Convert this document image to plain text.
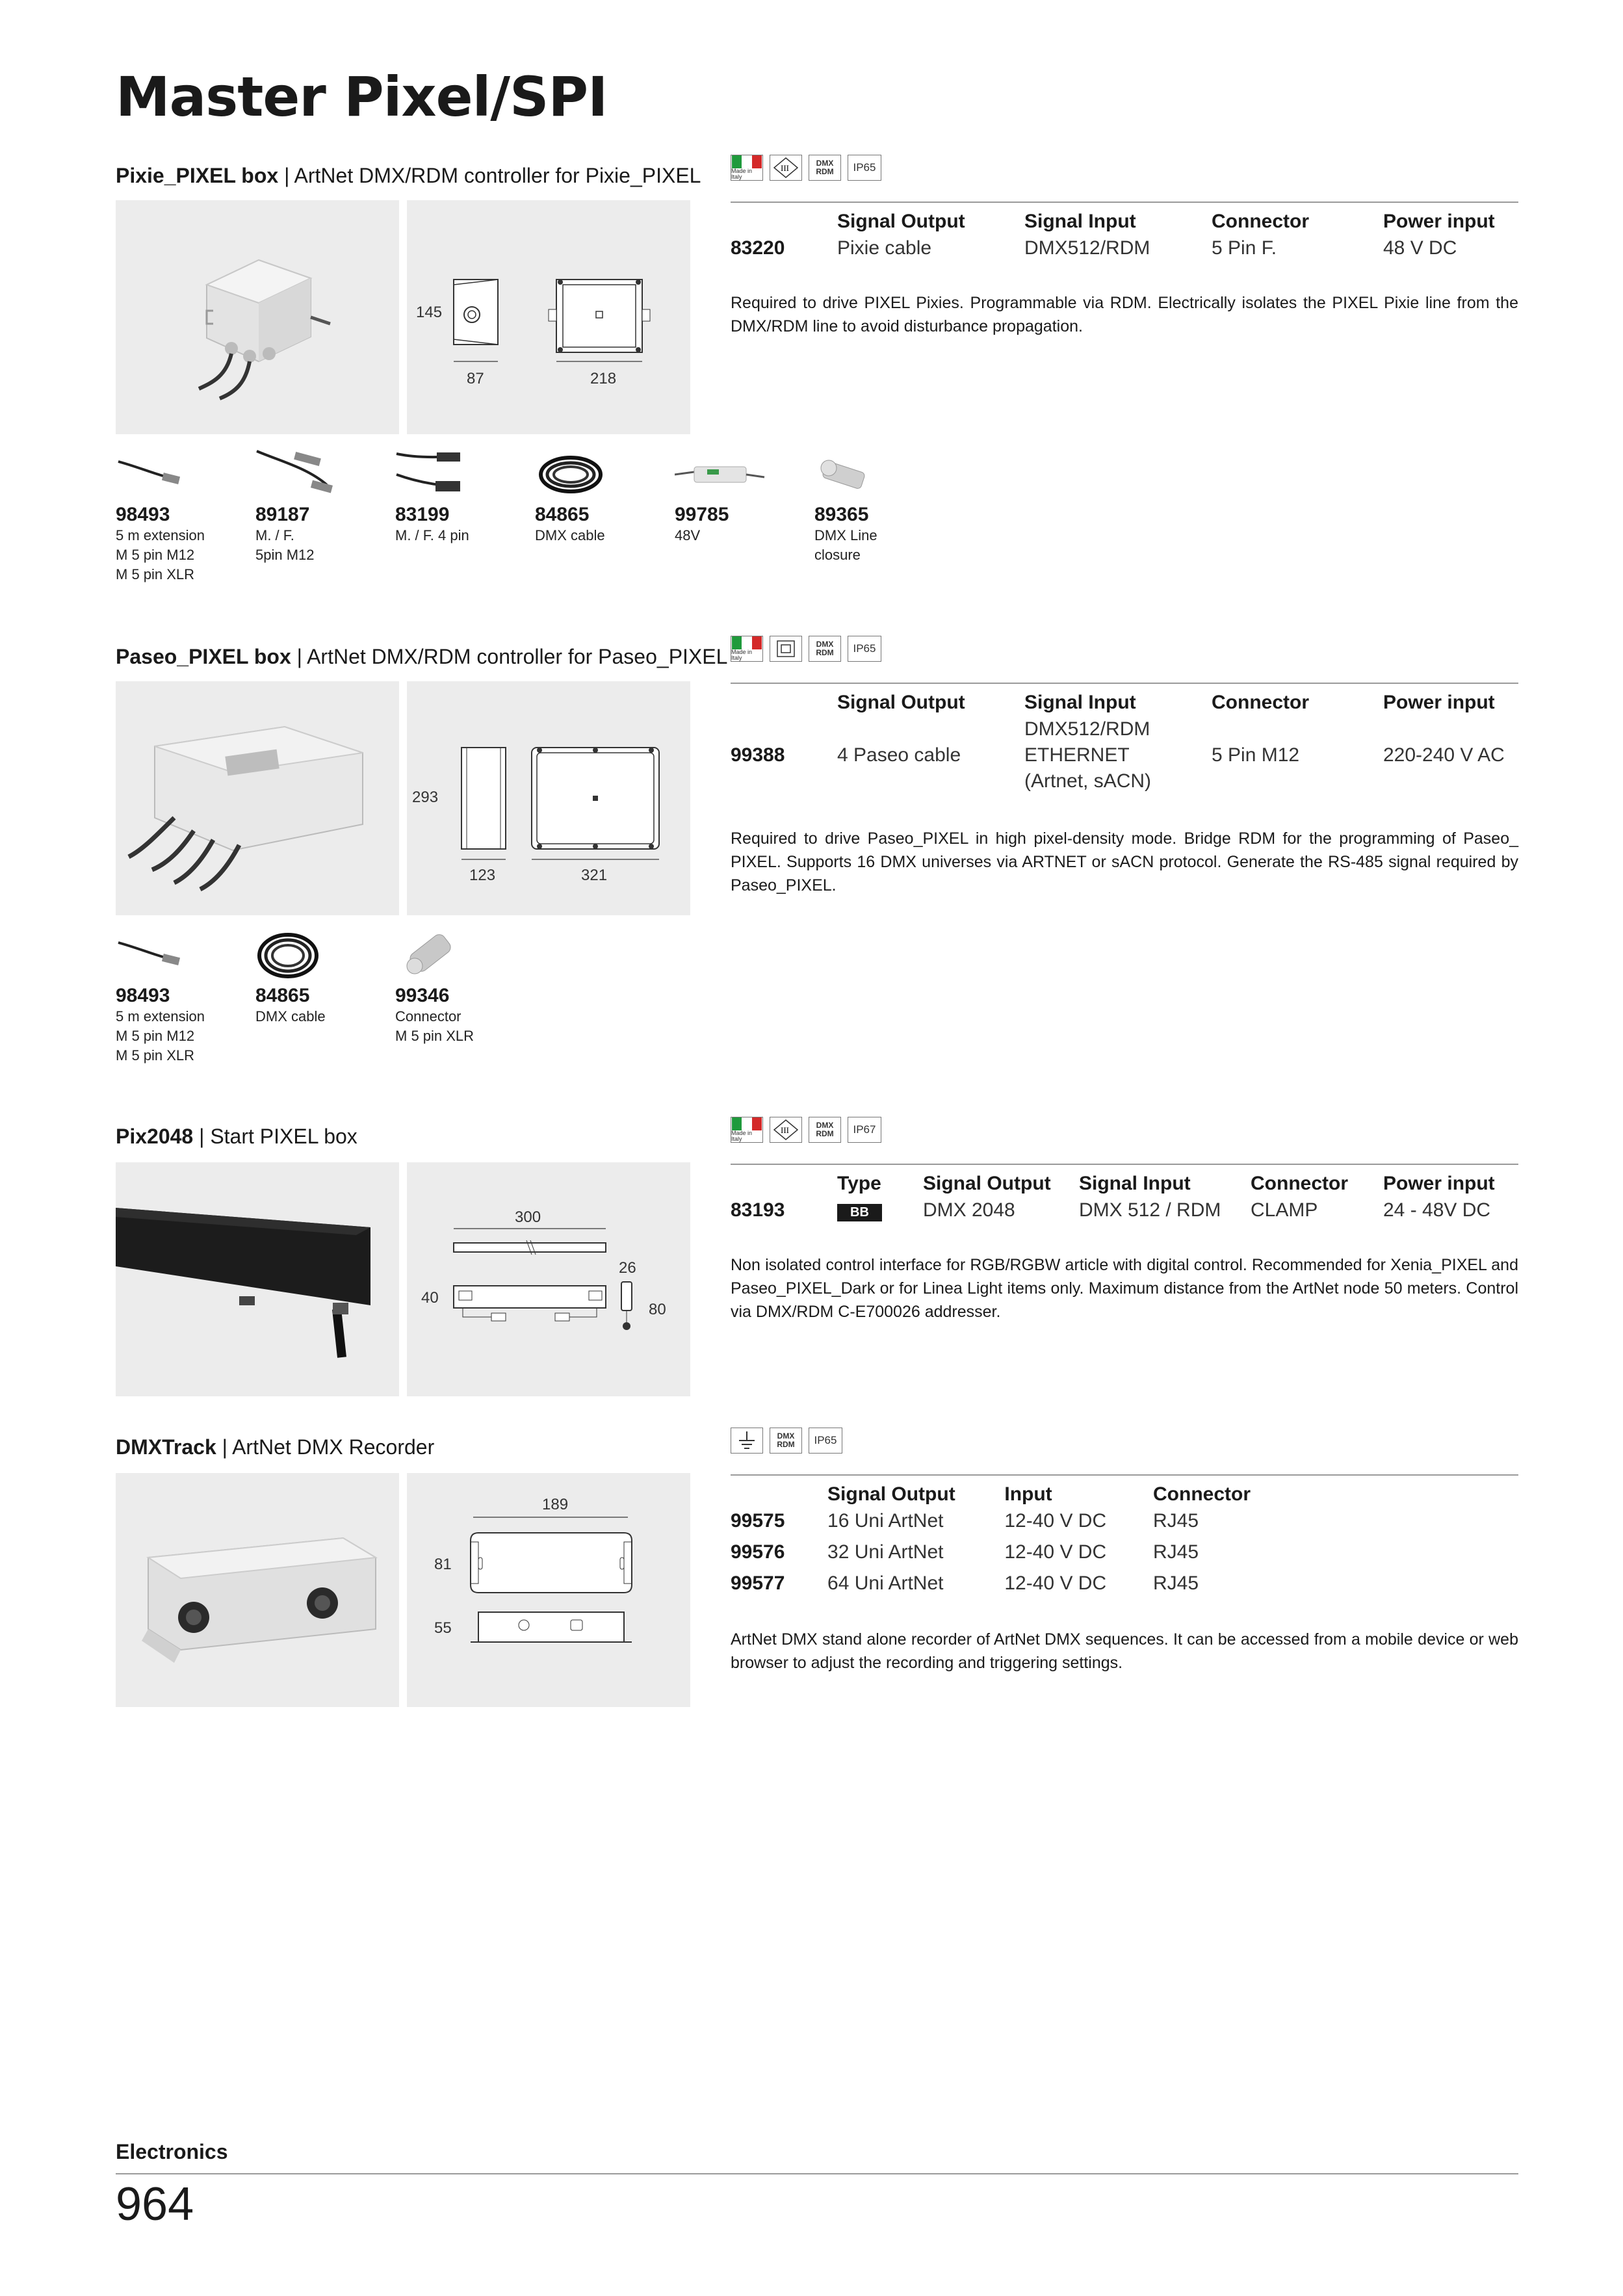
Master Pixel/SPI
Pixie_PIXEL box | ArtNet DMX/RDM controller for Pixie_PIXEL
145
87	218
Made in Italy
III	DMX RDM	IP65
	Signal Output	Signal Input	Connector	Power input
83220	Pixie cable	DMX512/RDM	5 Pin F.	48 V DC
Required to drive PIXEL Pixies. Programmable via RDM. Electrically isolates the PIXEL Pixie line from the DMX/RDM line to avoid disturbance propagation.
98493
5 m extension
M 5 pin M12
M 5 pin XLR
89187
M. / F.
5pin M12
83199
M. / F. 4 pin
84865
DMX cable
99785
48V
89365
DMX Line
closure
Paseo_PIXEL box | ArtNet DMX/RDM controller for Paseo_PIXEL
293
123	321
Made in Italy
DMX RDM	IP65
	Signal Output	Signal Input	Connector	Power input
99388	4 Paseo cable	DMX512/RDM
ETHERNET
(Artnet, sACN)	5 Pin M12	220-240 V AC
Required to drive Paseo_PIXEL in high pixel-density mode. Bridge RDM for the programming of Paseo_ PIXEL. Supports 16 DMX universes via ARTNET or sACN protocol. Generate the RS-485 signal required by Paseo_PIXEL.
98493
5 m extension
M 5 pin M12
M 5 pin XLR
84865
DMX cable
99346
Connector
M 5 pin XLR
Pix2048 | Start PIXEL box
300
40
26
80
Made in Italy
III	DMX RDM	IP67
	Type	Signal Output	Signal Input	Connector	Power input
83193	BB	DMX 2048	DMX 512 / RDM	CLAMP	24 - 48V DC
Non isolated control interface for RGB/RGBW article with digital control. Recommended for Xenia_PIXEL and Paseo_PIXEL_Dark or for Linea Light items only. Maximum distance from the ArtNet node 50 meters. Control via DMX/RDM C-E700026 addresser.
DMXTrack | ArtNet DMX Recorder
189
81
55
DMX RDM	IP65
	Signal Output	Input	Connector
99575	16 Uni ArtNet	12-40 V DC	RJ45
99576	32 Uni ArtNet	12-40 V DC	RJ45
99577	64 Uni ArtNet	12-40 V DC	RJ45
ArtNet DMX stand alone recorder of ArtNet DMX sequences. It can be accessed from a mobile device or web browser to adjust the recording and triggering settings.
Electronics
964
